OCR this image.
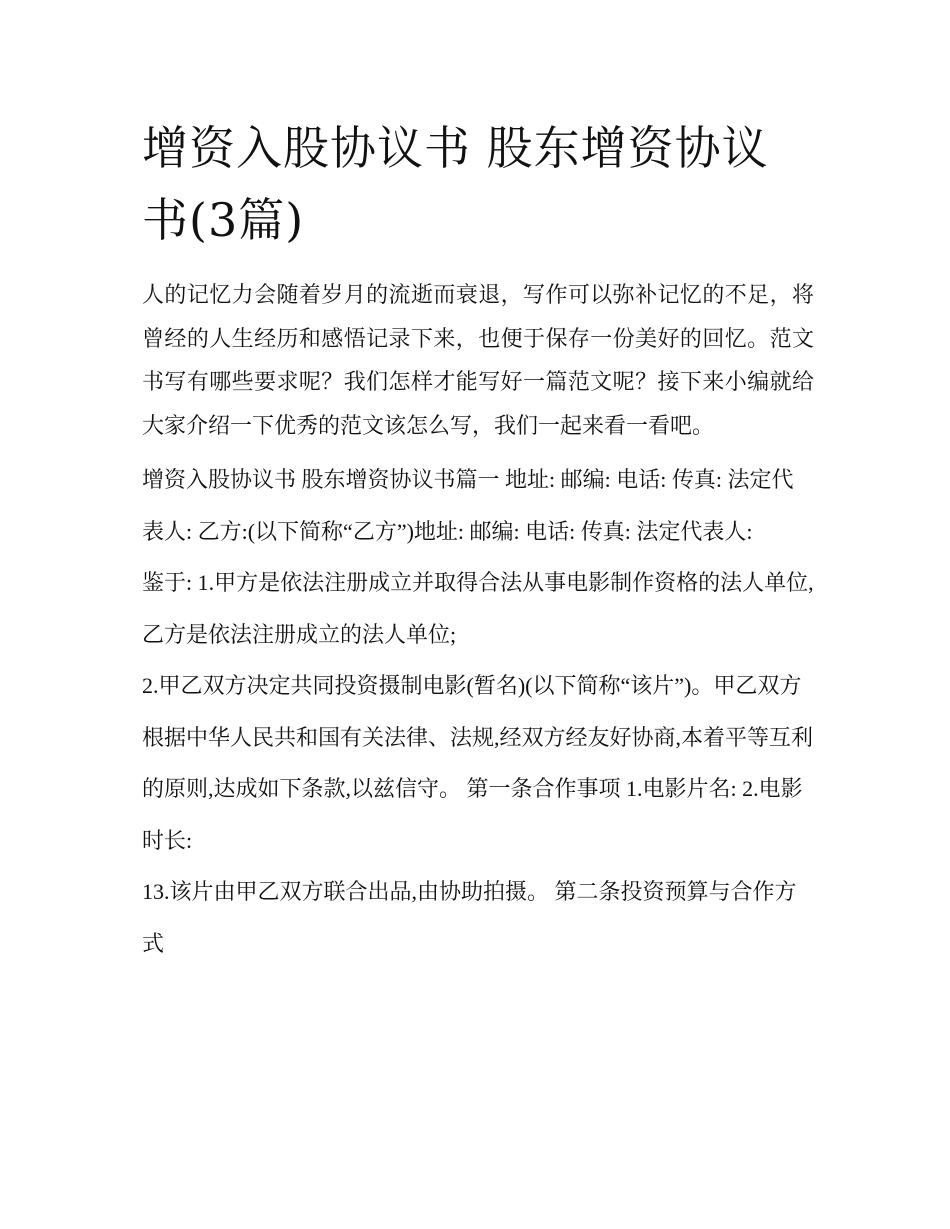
增资入股协议书 股东增资协议书(3篇)

人的记忆力会随着岁月的流逝而衰退，写作可以弥补记忆的不足，将曾经的人生经历和感悟记录下来，也便于保存一份美好的回忆。范文书写有哪些要求呢？我们怎样才能写好一篇范文呢？接下来小编就给大家介绍一下优秀的范文该怎么写，我们一起来看一看吧。

增资入股协议书 股东增资协议书篇一 地址: 邮编: 电话: 传真: 法定代表人: 乙方:(以下简称“乙方”)地址: 邮编: 电话: 传真: 法定代表人:

鉴于: 1.甲方是依法注册成立并取得合法从事电影制作资格的法人单位,乙方是依法注册成立的法人单位;

2.甲乙双方决定共同投资摄制电影(暂名)(以下简称“该片”)。甲乙双方根据中华人民共和国有关法律、法规,经双方经友好协商,本着平等互利的原则,达成如下条款,以兹信守。 第一条合作事项 1.电影片名: 2.电影时长:

13.该片由甲乙双方联合出品,由协助拍摄。 第二条投资预算与合作方式
